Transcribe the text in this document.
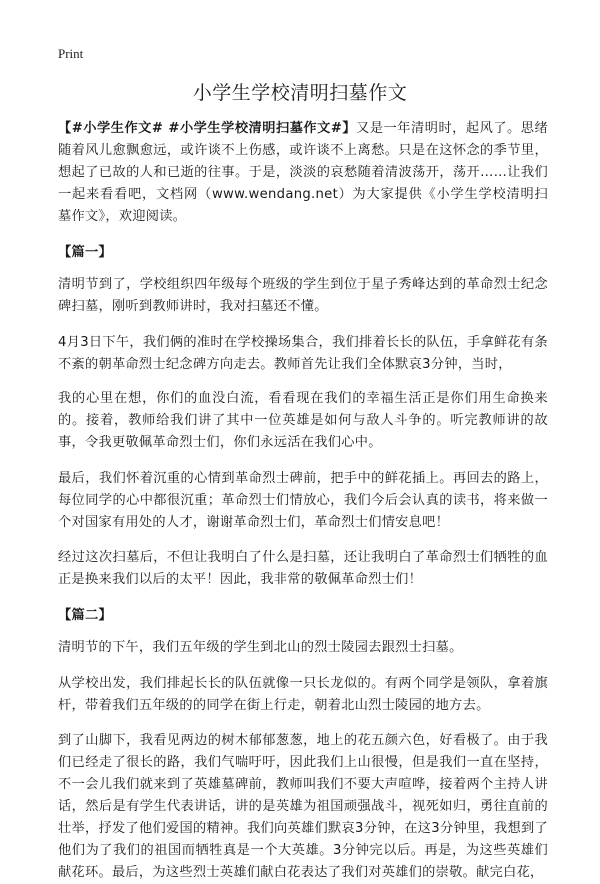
Print
小学生学校清明扫墓作文

【#小学生作文# #小学生学校清明扫墓作文#】又是一年清明时，起风了。思绪随着风儿愈飘愈远，或许谈不上伤感，或许谈不上离愁。只是在这怀念的季节里，想起了已故的人和已逝的往事。于是，淡淡的哀愁随着清波荡开，荡开……让我们一起来看看吧，文档网（www.wendang.net）为大家提供《小学生学校清明扫墓作文》，欢迎阅读。

【篇一】

清明节到了，学校组织四年级每个班级的学生到位于星子秀峰达到的革命烈士纪念碑扫墓，刚听到教师讲时，我对扫墓还不懂。

4月3日下午，我们俩的准时在学校操场集合，我们排着长长的队伍，手拿鲜花有条不紊的朝革命烈士纪念碑方向走去。教师首先让我们全体默哀3分钟，当时，

我的心里在想，你们的血没白流，看看现在我们的幸福生活正是你们用生命换来的。接着，教师给我们讲了其中一位英雄是如何与敌人斗争的。听完教师讲的故事，令我更敬佩革命烈士们，你们永远活在我们心中。

最后，我们怀着沉重的心情到革命烈士碑前，把手中的鲜花插上。再回去的路上，每位同学的心中都很沉重；革命烈士们情放心，我们今后会认真的读书，将来做一个对国家有用处的人才，谢谢革命烈士们，革命烈士们情安息吧！

经过这次扫墓后，不但让我明白了什么是扫墓，还让我明白了革命烈士们牺牲的血正是换来我们以后的太平！因此，我非常的敬佩革命烈士们！

【篇二】

清明节的下午，我们五年级的学生到北山的烈士陵园去跟烈士扫墓。

从学校出发，我们排起长长的队伍就像一只长龙似的。有两个同学是领队，拿着旗杆，带着我们五年级的的同学在街上行走，朝着北山烈士陵园的地方去。

到了山脚下，我看见两边的树木郁郁葱葱，地上的花五颜六色，好看极了。由于我们已经走了很长的路，我们气喘吁吁，因此我们上山很慢，但是我们一直在坚持，不一会儿我们就来到了英雄墓碑前，教师叫我们不要大声喧哗，接着两个主持人讲话，然后是有学生代表讲话，讲的是英雄为祖国顽强战斗，视死如归，勇往直前的壮举，抒发了他们爱国的精神。我们向英雄们默哀3分钟，在这3分钟里，我想到了他们为了我们的祖国而牺牲真是一个大英雄。3分钟完以后。再是，为这些英雄们献花环。最后，为这些烈士英雄们献白花表达了我们对英雄们的崇敬。献完白花，
